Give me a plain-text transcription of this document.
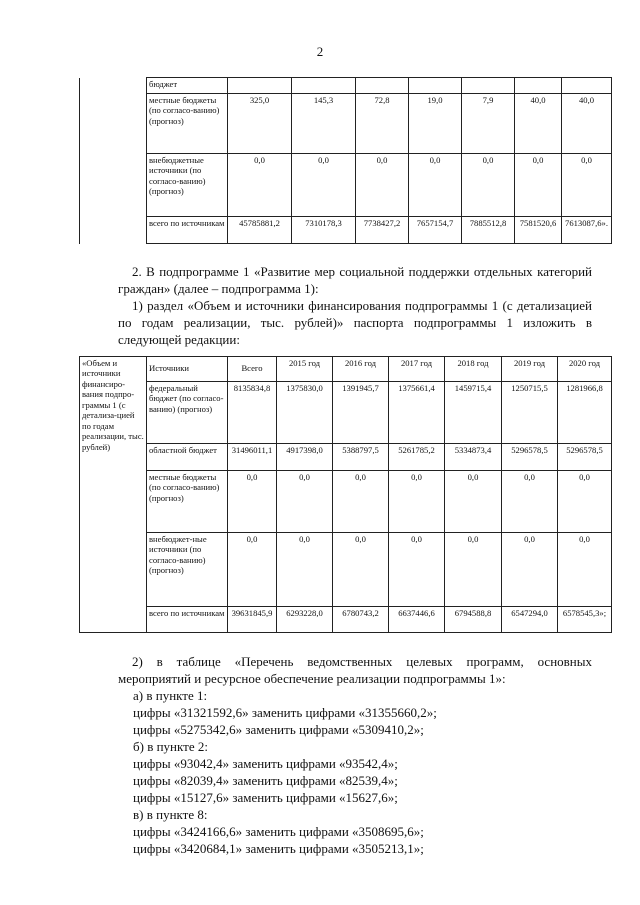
2
	бюджет							
	местные бюджеты (по согласо-ванию) (прогноз)	325,0	145,3	72,8	19,0	7,9	40,0	40,0
	внебюджетные источники (по согласо-ванию) (прогноз)	0,0	0,0	0,0	0,0	0,0	0,0	0,0
	всего по источникам	45785881,2	7310178,3	7738427,2	7657154,7	7885512,8	7581520,6	7613087,6».
2. В подпрограмме 1 «Развитие мер социальной поддержки отдельных категорий граждан» (далее – подпрограмма 1):
1) раздел «Объем и источники финансирования подпрограммы 1 (с детализацией по годам реализации, тыс. рублей)» паспорта подпрограммы 1 изложить в следующей редакции:
«Объем и источники финансиро-вания подпро-граммы 1 (с детализа-цией по годам реализации, тыс. рублей)	Источники	Всего	2015 год	2016 год	2017 год	2018 год	2019 год	2020 год
	федеральный бюджет (по согласо-ванию) (прогноз)	8135834,8	1375830,0	1391945,7	1375661,4	1459715,4	1250715,5	1281966,8
	областной бюджет	31496011,1	4917398,0	5388797,5	5261785,2	5334873,4	5296578,5	5296578,5
	местные бюджеты (по согласо-ванию) (прогноз)	0,0	0,0	0,0	0,0	0,0	0,0	0,0
	внебюджет-ные источники (по согласо-ванию) (прогноз)	0,0	0,0	0,0	0,0	0,0	0,0	0,0
	всего по источникам	39631845,9	6293228,0	6780743,2	6637446,6	6794588,8	6547294,0	6578545,3»;
2) в таблице «Перечень ведомственных целевых программ, основных мероприятий и ресурсное обеспечение реализации подпрограммы 1»:
а) в пункте 1:
цифры «31321592,6» заменить цифрами «31355660,2»;
цифры «5275342,6» заменить цифрами «5309410,2»;
б) в пункте 2:
цифры «93042,4» заменить цифрами «93542,4»;
цифры «82039,4» заменить цифрами «82539,4»;
цифры «15127,6» заменить цифрами «15627,6»;
в) в пункте 8:
цифры «3424166,6» заменить цифрами «3508695,6»;
цифры «3420684,1» заменить цифрами «3505213,1»;
